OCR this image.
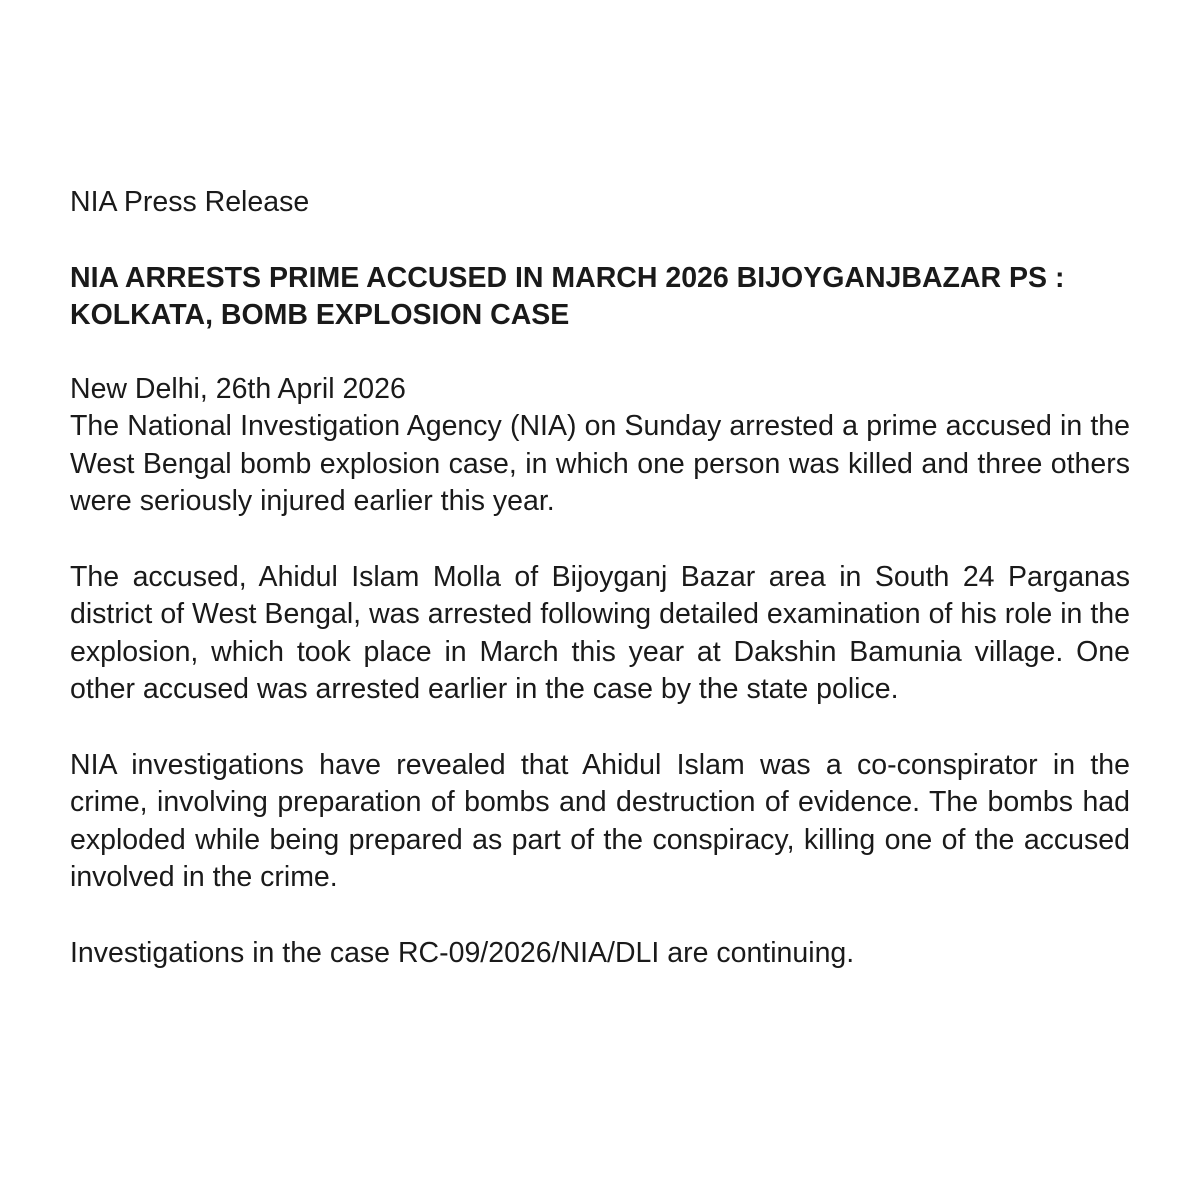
NIA Press Release

NIA ARRESTS PRIME ACCUSED IN MARCH 2026 BIJOYGANJBAZAR PS : KOLKATA, BOMB EXPLOSION CASE

New Delhi, 26th April 2026

The National Investigation Agency (NIA) on Sunday arrested a prime accused in the West Bengal bomb explosion case, in which one person was killed and three others were seriously injured earlier this year.

The accused, Ahidul Islam Molla of Bijoyganj Bazar area in South 24 Parganas district of West Bengal, was arrested following detailed examination of his role in the explosion, which took place in March this year at Dakshin Bamunia village. One other accused was arrested earlier in the case by the state police.

NIA investigations have revealed that Ahidul Islam was a co-conspirator in the crime, involving preparation of bombs and destruction of evidence. The bombs had exploded while being prepared as part of the conspiracy, killing one of the accused involved in the crime.

Investigations in the case RC-09/2026/NIA/DLI are continuing.
